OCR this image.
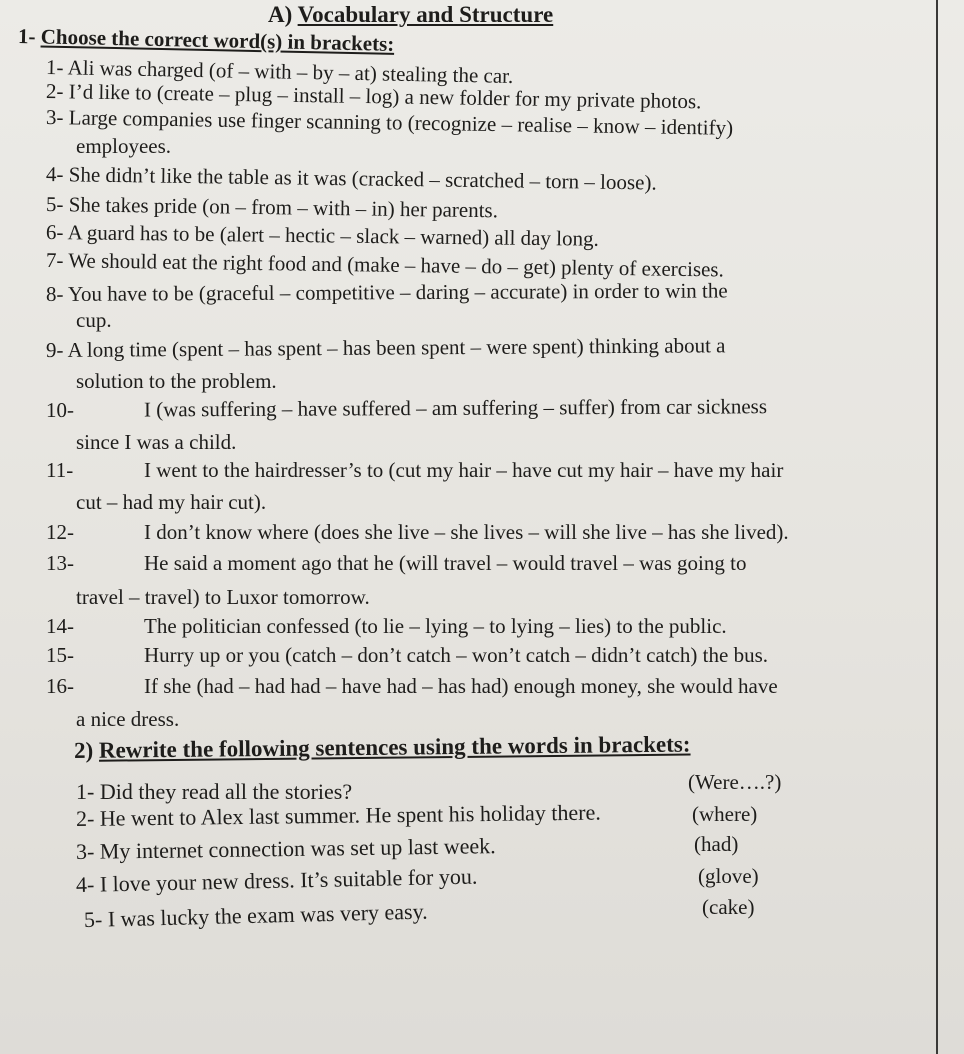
A) Vocabulary and Structure
1- Choose the correct word(s) in brackets:
1- Ali was charged (of – with – by – at) stealing the car.
2- I’d like to (create – plug – install – log) a new folder for my private photos.
3- Large companies use finger scanning to (recognize – realise – know – identify)
employees.
4- She didn’t like the table as it was (cracked – scratched – torn – loose).
5- She takes pride (on – from – with – in) her parents.
6- A guard has to be (alert – hectic – slack – warned) all day long.
7- We should eat the right food and (make – have – do – get) plenty of exercises.
8- You have to be (graceful – competitive – daring – accurate) in order to win the
cup.
9- A long time (spent – has spent – has been spent – were spent) thinking about a
solution to the problem.
10-	I (was suffering – have suffered – am suffering – suffer) from car sickness
since I was a child.
11-	I went to the hairdresser’s to (cut my hair – have cut my hair – have my hair
cut – had my hair cut).
12-	I don’t know where (does she live – she lives – will she live – has she lived).
13-	He said a moment ago that he (will travel – would travel – was going to
travel – travel) to Luxor tomorrow.
14-	The politician confessed (to lie – lying – to lying – lies) to the public.
15-	Hurry up or you (catch – don’t catch – won’t catch – didn’t catch) the bus.
16-	If she (had – had had – have had – has had) enough money, she would have
a nice dress.
2) Rewrite the following sentences using the words in brackets:
1- Did they read all the stories?	(Were….?)
2- He went to Alex last summer. He spent his holiday there.	(where)
3- My internet connection was set up last week.	(had)
4- I love your new dress. It’s suitable for you.	(glove)
5- I was lucky the exam was very easy.	(cake)
